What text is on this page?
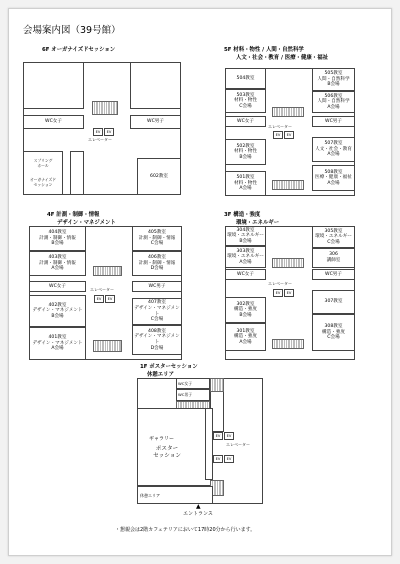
会場案内図（39号館）
6F オーガナイズドセッション
EV	EV
エレベーター
WC女子	WC男子
スプリング
ホール
オーガナイズド
セッション
602教室
5F 材料・物性 / 人間・自然科学
人文・社会・教育 / 医療・健康・福祉
504教室
503教室
材料・物性
C会場
505教室
人間・自然科学
B会場
506教室
人間・自然科学
A会場
WC女子	WC男子
EV	EV
エレベーター
502教室
材料・物性
B会場
501教室
材料・物性
A会場
507教室
人文・社会・教育
A会場
508教室
医療・健康・福祉
A会場
4F 計測・制御・情報
デザイン・マネジメント
404教室
計測・制御・情報
B会場
403教室
計測・制御・情報
A会場
405教室
計測・制御・情報
C会場
406教室
計測・制御・情報
D会場
WC女子	WC男子
エレベーター
EV	EV
402教室
デザイン・マネジメント
B会場
401教室
デザイン・マネジメント
A会場
407教室
デザイン・マネジメント
C会場
408教室
デザイン・マネジメント
D会場
3F 構造・強度
環境・エネルギー
304教室
環境・エネルギー
B会場
303教室
環境・エネルギー
A会場
305教室
環境・エネルギー
C会場
306
講師室
WC女子	WC男子
エレベーター
EV	EV
302教室
構造・強度
B会場
301教室
構造・強度
A会場
307教室
308教室
構造・強度
C会場
1F ポスターセッション
休憩エリア
WC女子
WC男子
ギャラリー
ポスター
セッション
EV	EV
エレベーター
EV	EV
休憩エリア
▲
エントランス
・懇親会は2階カフェテリアにおいて17時20分から行います。
